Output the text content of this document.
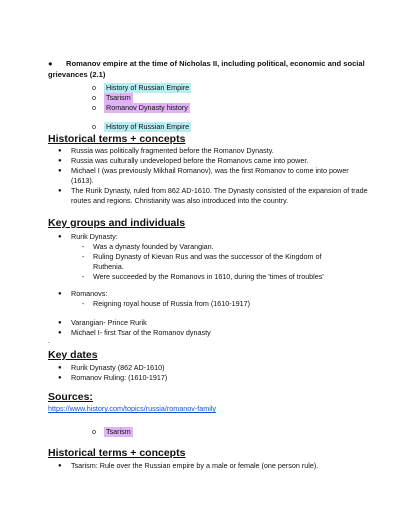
●	Romanov empire at the time of Nicholas II, including political, economic and social grievances (2.1)
o History of Russian Empire
o Tsarism
o Romanov Dynasty history
o History of Russian Empire
Historical terms + concepts
● Russia was politically fragmented before the Romanov Dynasty.
● Russia was culturally undeveloped before the Romanovs came into power.
● Michael I (was previously Mikhail Romanov), was the first Romanov to come into power (1613).
● The Rurik Dynasty, ruled from 862 AD-1610. The Dynasty consisted of the expansion of trade routes and regions. Christianity was also introduced into the country.
Key groups and individuals
● Rurik Dynasty:
- Was a dynasty founded by Varangian.
- Ruling Dynasty of Kievan Rus and was the successor of the Kingdom of Ruthenia.
- Were succeeded by the Romanovs in 1610, during the 'times of troubles'
● Romanovs:
- Reigning royal house of Russia from (1610-1917)
● Varangian- Prince Rurik
● Michael I- first Tsar of the Romanov dynasty
.
Key dates
● Rurik Dynasty (862 AD-1610)
● Romanov Ruling: (1610-1917)
Sources:
https://www.history.com/topics/russia/romanov-family
o Tsarism
Historical terms + concepts
● Tsarism: Rule over the Russian empire by a male or female (one person rule).
